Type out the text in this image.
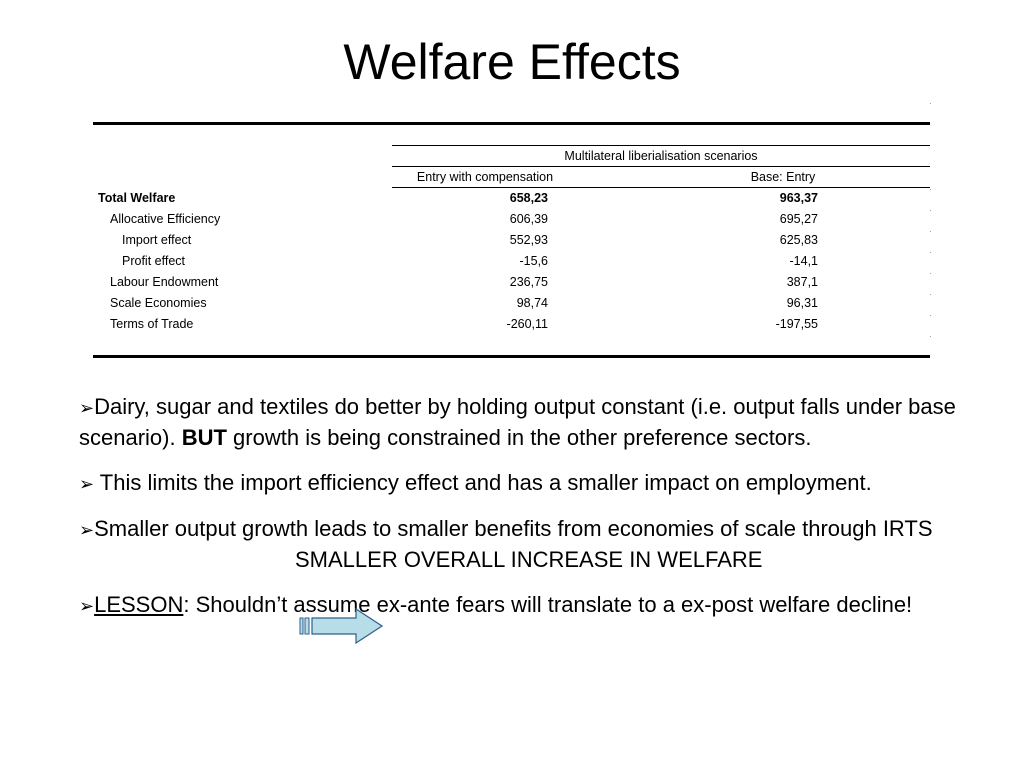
Welfare Effects
Multilateral liberialisation scenarios
Entry with compensation	Base: Entry
Total Welfare	658,23	963,37
Allocative Efficiency	606,39	695,27
Import effect	552,93	625,83
Profit effect	-15,6	-14,1
Labour Endowment	236,75	387,1
Scale Economies	98,74	96,31
Terms of Trade	-260,11	-197,55
·
·
·
·
·
·
·
·
·

➢Dairy, sugar and textiles do better by holding output constant (i.e. output falls under base scenario). BUT growth is being constrained in the other preference sectors.

➢ This limits the import efficiency effect and has a smaller impact on employment.

➢Smaller output growth leads to smaller benefits from economies of scale through IRTSSMALLER OVERALL INCREASE IN WELFARE

➢LESSON: Shouldn’t assume ex-ante fears will translate to a ex-post welfare decline!
